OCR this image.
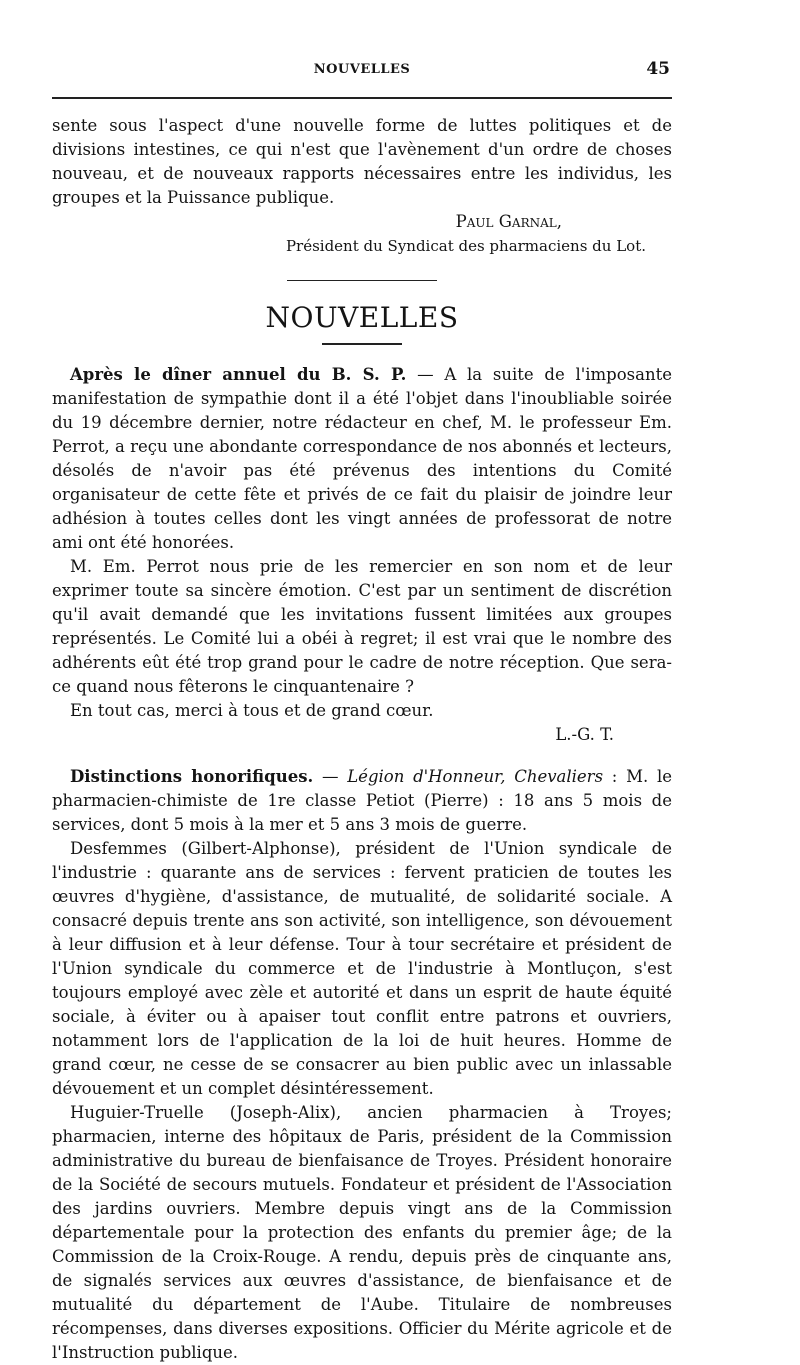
NOUVELLES	45

sente sous l'aspect d'une nouvelle forme de luttes politiques et de divisions intestines, ce qui n'est que l'avènement d'un ordre de choses nouveau, et de nouveaux rapports nécessaires entre les individus, les groupes et la Puissance publique.

Paul Garnal,

Président du Syndicat des pharmaciens du Lot.

NOUVELLES

Après le dîner annuel du B. S. P. — A la suite de l'imposante manifestation de sympathie dont il a été l'objet dans l'inoubliable soirée du 19 décembre dernier, notre rédacteur en chef, M. le professeur Em. Perrot, a reçu une abondante correspondance de nos abonnés et lecteurs, désolés de n'avoir pas été prévenus des intentions du Comité organisateur de cette fête et privés de ce fait du plaisir de joindre leur adhésion à toutes celles dont les vingt années de professorat de notre ami ont été honorées.

M. Em. Perrot nous prie de les remercier en son nom et de leur exprimer toute sa sincère émotion. C'est par un sentiment de discrétion qu'il avait demandé que les invitations fussent limitées aux groupes représentés. Le Comité lui a obéi à regret; il est vrai que le nombre des adhérents eût été trop grand pour le cadre de notre réception. Que sera-ce quand nous fêterons le cinquantenaire ?

En tout cas, merci à tous et de grand cœur.

L.-G. T.

Distinctions honorifiques. — Légion d'Honneur, Chevaliers : M. le pharmacien-chimiste de 1re classe Petiot (Pierre) : 18 ans 5 mois de services, dont 5 mois à la mer et 5 ans 3 mois de guerre.

Desfemmes (Gilbert-Alphonse), président de l'Union syndicale de l'industrie : quarante ans de services : fervent praticien de toutes les œuvres d'hygiène, d'assistance, de mutualité, de solidarité sociale. A consacré depuis trente ans son activité, son intelligence, son dévouement à leur diffusion et à leur défense. Tour à tour secrétaire et président de l'Union syndicale du commerce et de l'industrie à Montluçon, s'est toujours employé avec zèle et autorité et dans un esprit de haute équité sociale, à éviter ou à apaiser tout conflit entre patrons et ouvriers, notamment lors de l'application de la loi de huit heures. Homme de grand cœur, ne cesse de se consacrer au bien public avec un inlassable dévouement et un complet désintéressement.

Huguier-Truelle (Joseph-Alix), ancien pharmacien à Troyes; pharmacien, interne des hôpitaux de Paris, président de la Commission administrative du bureau de bienfaisance de Troyes. Président honoraire de la Société de secours mutuels. Fondateur et président de l'Association des jardins ouvriers. Membre depuis vingt ans de la Commission départementale pour la protection des enfants du premier âge; de la Commission de la Croix-Rouge. A rendu, depuis près de cinquante ans, de signalés services aux œuvres d'assistance, de bienfaisance et de mutualité du département de l'Aube. Titulaire de nombreuses récompenses, dans diverses expositions. Officier du Mérite agricole et de l'Instruction publique.
